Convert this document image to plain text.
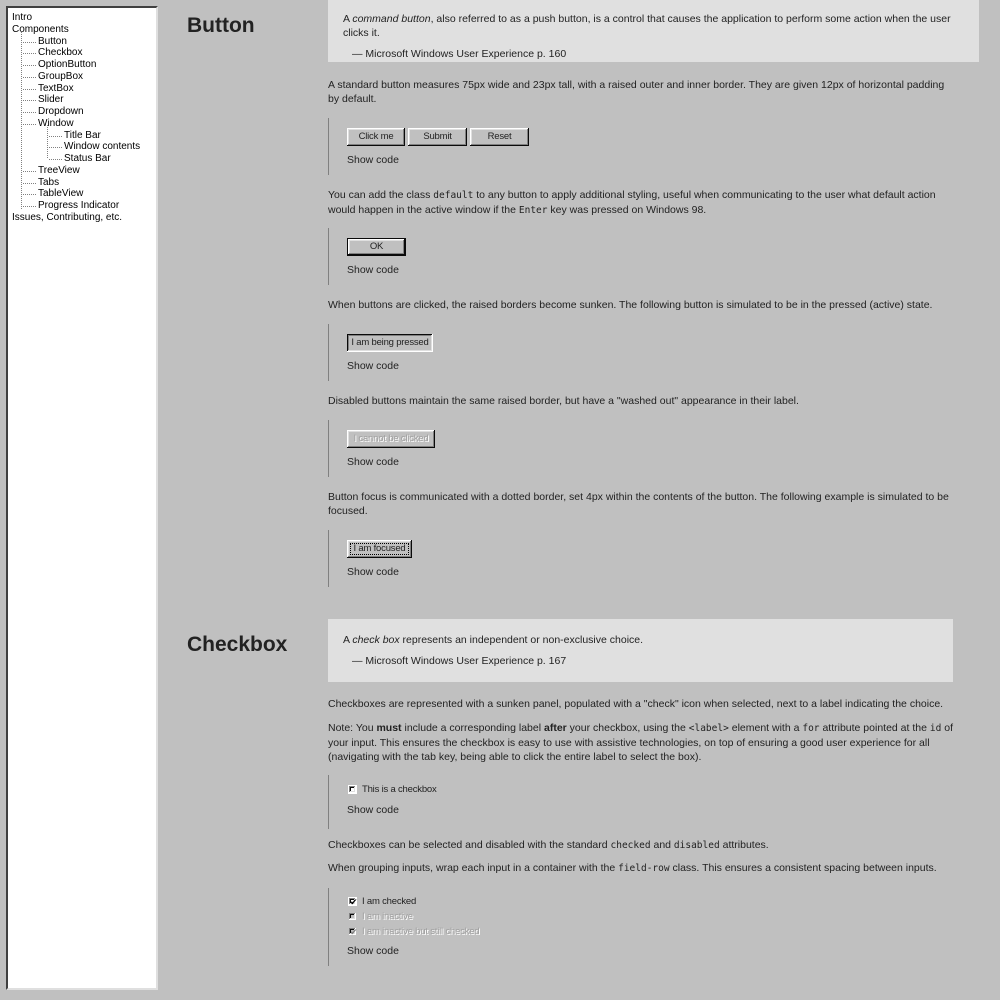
Intro
Components
Button
Checkbox
OptionButton
GroupBox
TextBox
Slider
Dropdown
Window
Title Bar
Window contents
Status Bar
TreeView
Tabs
TableView
Progress Indicator
Issues, Contributing, etc.
Button	A command button, also referred to as a push button, is a control that causes the application to perform some action when the user clicks it.
— Microsoft Windows User Experience p. 160

A standard button measures 75px wide and 23px tall, with a raised outer and inner border. They are given 12px of horizontal padding by default.

Click me	Submit	Reset
Show code

You can add the class default to any button to apply additional styling, useful when communicating to the user what default action would happen in the active window if the Enter key was pressed on Windows 98.

OK
Show code

When buttons are clicked, the raised borders become sunken. The following button is simulated to be in the pressed (active) state.

I am being pressed
Show code

Disabled buttons maintain the same raised border, but have a "washed out" appearance in their label.

I cannot be clicked
Show code

Button focus is communicated with a dotted border, set 4px within the contents of the button. The following example is simulated to be focused.

I am focused
Show code
Checkbox	A check box represents an independent or non-exclusive choice.
— Microsoft Windows User Experience p. 167

Checkboxes are represented with a sunken panel, populated with a "check" icon when selected, next to a label indicating the choice.

Note: You must include a corresponding label after your checkbox, using the <label> element with a for attribute pointed at the id of your input. This ensures the checkbox is easy to use with assistive technologies, on top of ensuring a good user experience for all (navigating with the tab key, being able to click the entire label to select the box).

This is a checkbox
Show code

Checkboxes can be selected and disabled with the standard checked and disabled attributes.

When grouping inputs, wrap each input in a container with the field-row class. This ensures a consistent spacing between inputs.

✔ I am checked
I am inactive
✔ I am inactive but still checked
Show code
